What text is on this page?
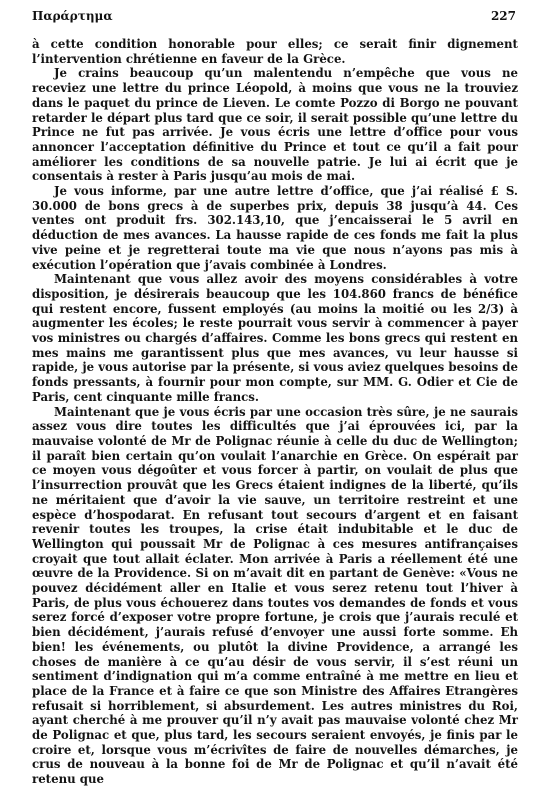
Παράρτημα	227

à cette condition honorable pour elles; ce serait finir dignement l’intervention chrétienne en faveur de la Grèce.

Je crains beaucoup qu’un malentendu n’empêche que vous ne receviez une lettre du prince Léopold, à moins que vous ne la trouviez dans le paquet du prince de Lieven. Le comte Pozzo di Borgo ne pouvant retarder le départ plus tard que ce soir, il serait possible qu’une lettre du Prince ne fut pas arrivée. Je vous écris une lettre d’office pour vous annoncer l’acceptation définitive du Prince et tout ce qu’il a fait pour améliorer les conditions de sa nouvelle patrie. Je lui ai écrit que je consentais à rester à Paris jusqu’au mois de mai.

Je vous informe, par une autre lettre d’office, que j’ai réalisé £ S. 30.000 de bons grecs à de superbes prix, depuis 38 jusqu’à 44. Ces ventes ont produit frs. 302.143,10, que j’encaisserai le 5 avril en déduction de mes avances. La hausse rapide de ces fonds me fait la plus vive peine et je regretterai toute ma vie que nous n’ayons pas mis à exécution l’opération que j’avais combinée à Londres.

Maintenant que vous allez avoir des moyens considérables à votre disposition, je désirerais beaucoup que les 104.860 francs de bénéfice qui restent encore, fussent employés (au moins la moitié ou les 2/3) à augmenter les écoles; le reste pourrait vous servir à commencer à payer vos ministres ou chargés d’affaires. Comme les bons grecs qui restent en mes mains me garantissent plus que mes avances, vu leur hausse si rapide, je vous autorise par la présente, si vous aviez quelques besoins de fonds pressants, à fournir pour mon compte, sur MM. G. Odier et Cie de Paris, cent cinquante mille francs.

Maintenant que je vous écris par une occasion très sûre, je ne saurais assez vous dire toutes les difficultés que j’ai éprouvées ici, par la mauvaise volonté de Mr de Polignac réunie à celle du duc de Wellington; il paraît bien certain qu’on voulait l’anarchie en Grèce. On espérait par ce moyen vous dégoûter et vous forcer à partir, on voulait de plus que l’insurrection prouvât que les Grecs étaient indignes de la liberté, qu’ils ne méritaient que d’avoir la vie sauve, un territoire restreint et une espèce d’hospodarat. En refusant tout secours d’argent et en faisant revenir toutes les troupes, la crise était indubitable et le duc de Wellington qui poussait Mr de Polignac à ces mesures antifrançaises croyait que tout allait éclater. Mon arrivée à Paris a réellement été une œuvre de la Providence. Si on m’avait dit en partant de Genève: «Vous ne pouvez décidément aller en Italie et vous serez retenu tout l’hiver à Paris, de plus vous échouerez dans toutes vos demandes de fonds et vous serez forcé d’exposer votre propre fortune, je crois que j’aurais reculé et bien décidément, j’aurais refusé d’envoyer une aussi forte somme. Eh bien! les événements, ou plutôt la divine Providence, a arrangé les choses de manière à ce qu’au désir de vous servir, il s’est réuni un sentiment d’indignation qui m’a comme entraîné à me mettre en lieu et place de la France et à faire ce que son Ministre des Affaires Etrangères refusait si horriblement, si absurdement. Les autres ministres du Roi, ayant cherché à me prouver qu’il n’y avait pas mauvaise volonté chez Mr de Polignac et que, plus tard, les secours seraient envoyés, je finis par le croire et, lorsque vous m’écrivîtes de faire de nouvelles démarches, je crus de nouveau à la bonne foi de Mr de Polignac et qu’il n’avait été retenu que
